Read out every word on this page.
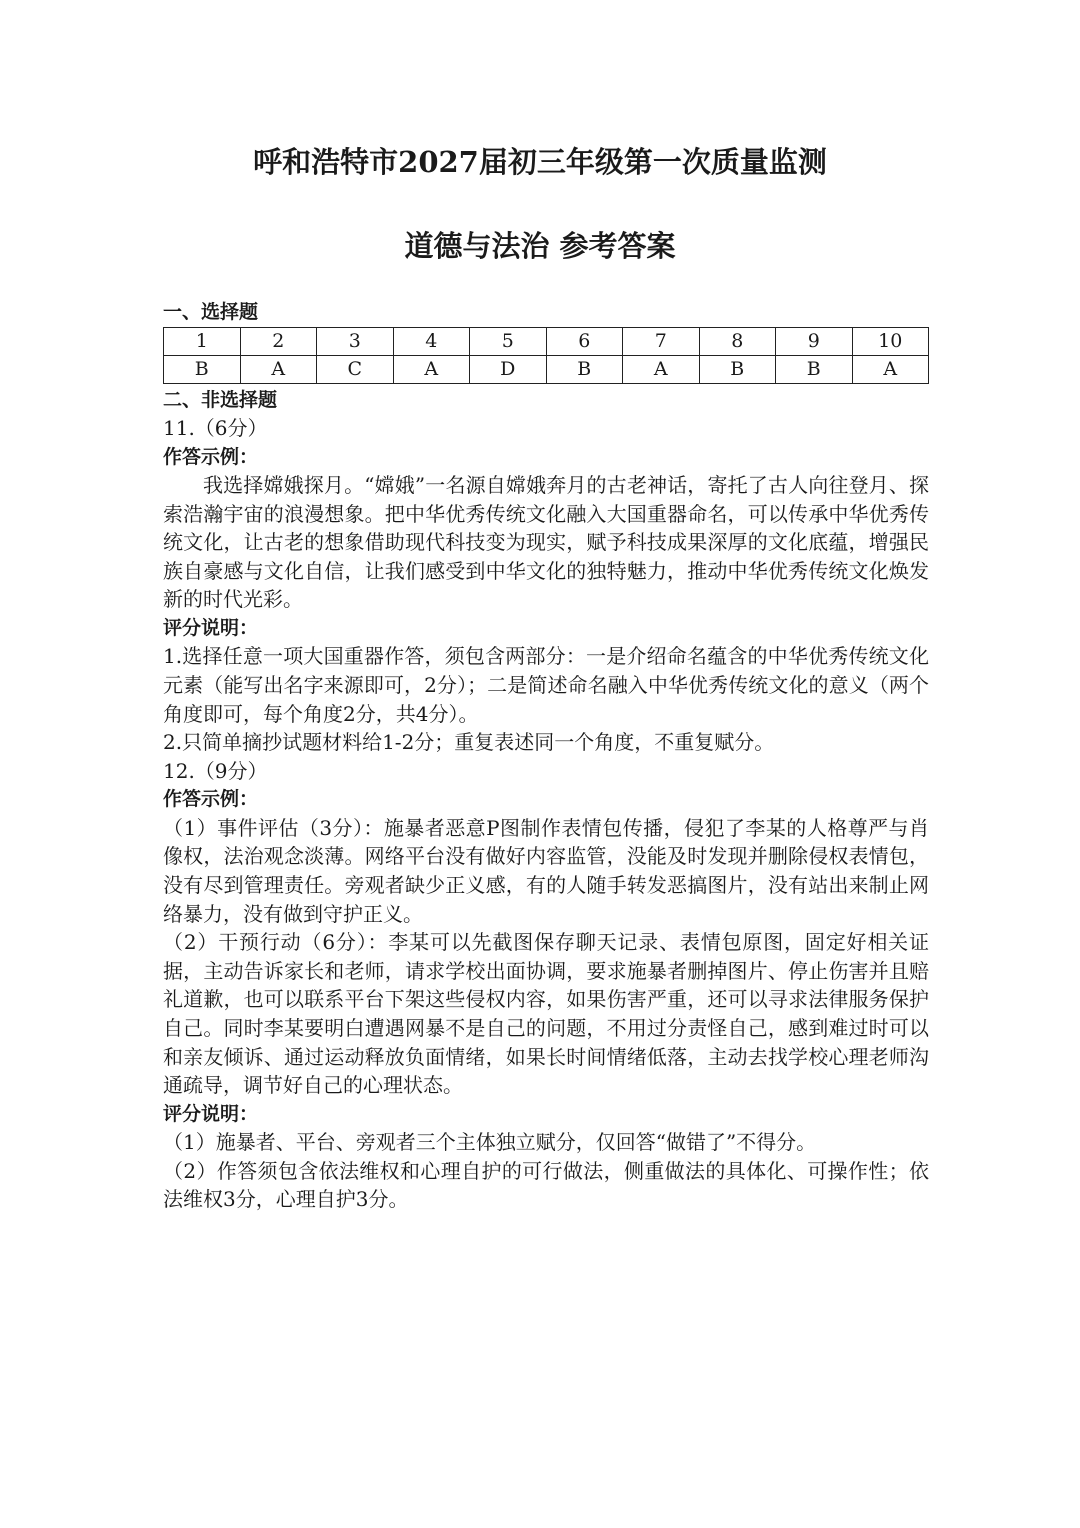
呼和浩特市2027届初三年级第一次质量监测
道德与法治 参考答案
一、选择题
1	2	3	4	5	6	7	8	9	10
B	A	C	A	D	B	A	B	B	A
二、非选择题
11.（6分）
作答示例：
我选择嫦娥探月。“嫦娥”一名源自嫦娥奔月的古老神话，寄托了古人向往登月、探索浩瀚宇宙的浪漫想象。把中华优秀传统文化融入大国重器命名，可以传承中华优秀传统文化，让古老的想象借助现代科技变为现实，赋予科技成果深厚的文化底蕴，增强民族自豪感与文化自信，让我们感受到中华文化的独特魅力，推动中华优秀传统文化焕发新的时代光彩。
评分说明：
1.选择任意一项大国重器作答，须包含两部分：一是介绍命名蕴含的中华优秀传统文化元素（能写出名字来源即可，2分）；二是简述命名融入中华优秀传统文化的意义（两个角度即可，每个角度2分，共4分）。
2.只简单摘抄试题材料给1-2分；重复表述同一个角度，不重复赋分。
12.（9分）
作答示例：
（1）事件评估（3分）：施暴者恶意P图制作表情包传播，侵犯了李某的人格尊严与肖像权，法治观念淡薄。网络平台没有做好内容监管，没能及时发现并删除侵权表情包，没有尽到管理责任。旁观者缺少正义感，有的人随手转发恶搞图片，没有站出来制止网络暴力，没有做到守护正义。
（2）干预行动（6分）：李某可以先截图保存聊天记录、表情包原图，固定好相关证据，主动告诉家长和老师，请求学校出面协调，要求施暴者删掉图片、停止伤害并且赔礼道歉，也可以联系平台下架这些侵权内容，如果伤害严重，还可以寻求法律服务保护自己。同时李某要明白遭遇网暴不是自己的问题，不用过分责怪自己，感到难过时可以和亲友倾诉、通过运动释放负面情绪，如果长时间情绪低落，主动去找学校心理老师沟通疏导，调节好自己的心理状态。
评分说明：
（1）施暴者、平台、旁观者三个主体独立赋分，仅回答“做错了”不得分。
（2）作答须包含依法维权和心理自护的可行做法，侧重做法的具体化、可操作性；依法维权3分，心理自护3分。
